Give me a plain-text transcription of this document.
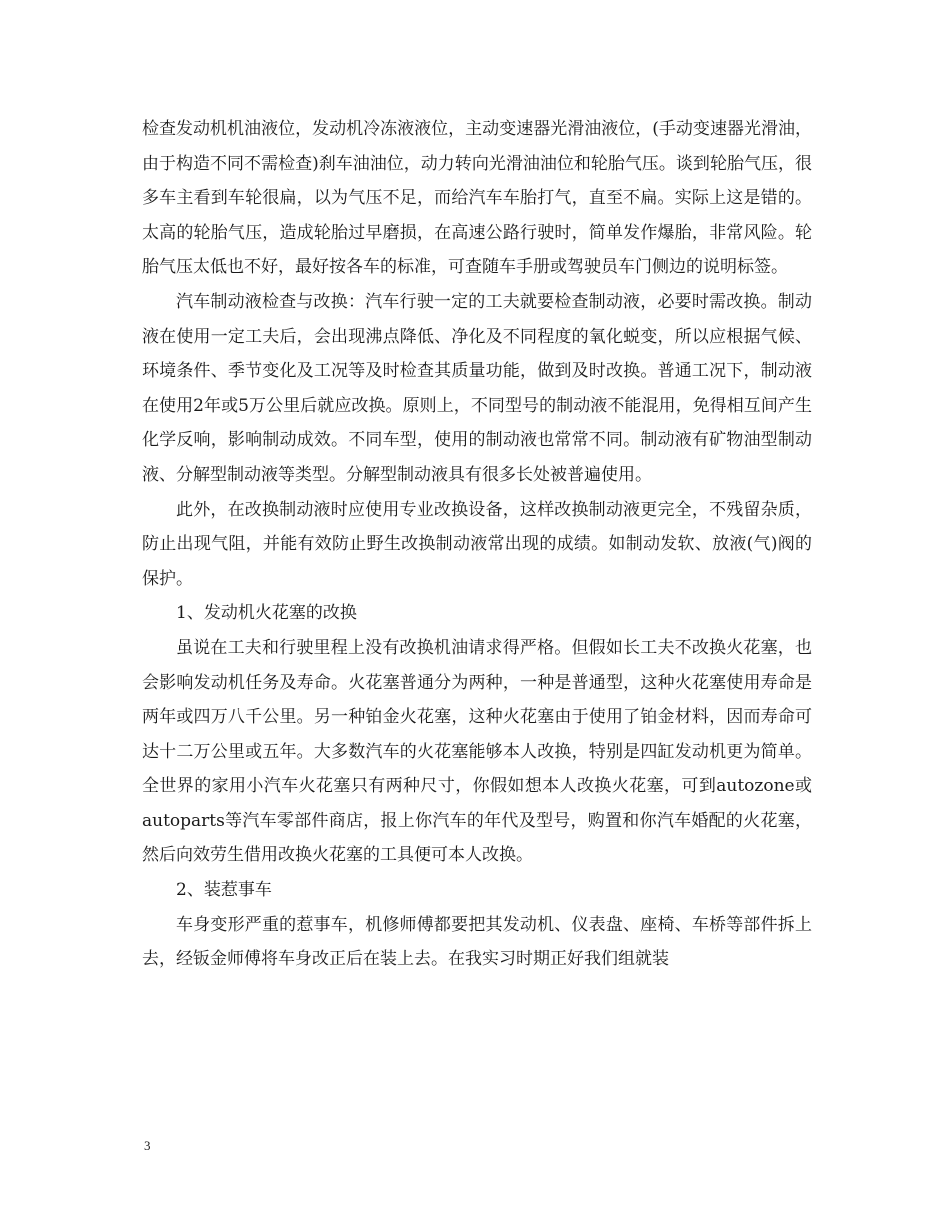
检查发动机机油液位，发动机冷冻液液位，主动变速器光滑油液位，(手动变速器光滑油，由于构造不同不需检查)刹车油油位，动力转向光滑油油位和轮胎气压。谈到轮胎气压，很多车主看到车轮很扁，以为气压不足，而给汽车车胎打气，直至不扁。实际上这是错的。太高的轮胎气压，造成轮胎过早磨损，在高速公路行驶时，简单发作爆胎，非常风险。轮胎气压太低也不好，最好按各车的标准，可查随车手册或驾驶员车门侧边的说明标签。

汽车制动液检查与改换：汽车行驶一定的工夫就要检查制动液，必要时需改换。制动液在使用一定工夫后，会出现沸点降低、净化及不同程度的氧化蜕变，所以应根据气候、环境条件、季节变化及工况等及时检查其质量功能，做到及时改换。普通工况下，制动液在使用2年或5万公里后就应改换。原则上，不同型号的制动液不能混用，免得相互间产生化学反响，影响制动成效。不同车型，使用的制动液也常常不同。制动液有矿物油型制动液、分解型制动液等类型。分解型制动液具有很多长处被普遍使用。

此外，在改换制动液时应使用专业改换设备，这样改换制动液更完全，不残留杂质，防止出现气阻，并能有效防止野生改换制动液常出现的成绩。如制动发软、放液(气)阀的保护。

1、发动机火花塞的改换

虽说在工夫和行驶里程上没有改换机油请求得严格。但假如长工夫不改换火花塞，也会影响发动机任务及寿命。火花塞普通分为两种，一种是普通型，这种火花塞使用寿命是两年或四万八千公里。另一种铂金火花塞，这种火花塞由于使用了铂金材料，因而寿命可达十二万公里或五年。大多数汽车的火花塞能够本人改换，特别是四缸发动机更为简单。全世界的家用小汽车火花塞只有两种尺寸，你假如想本人改换火花塞，可到autozone或autoparts等汽车零部件商店，报上你汽车的年代及型号，购置和你汽车婚配的火花塞，然后向效劳生借用改换火花塞的工具便可本人改换。

2、装惹事车

车身变形严重的惹事车，机修师傅都要把其发动机、仪表盘、座椅、车桥等部件拆上去，经钣金师傅将车身改正后在装上去。在我实习时期正好我们组就装

3
